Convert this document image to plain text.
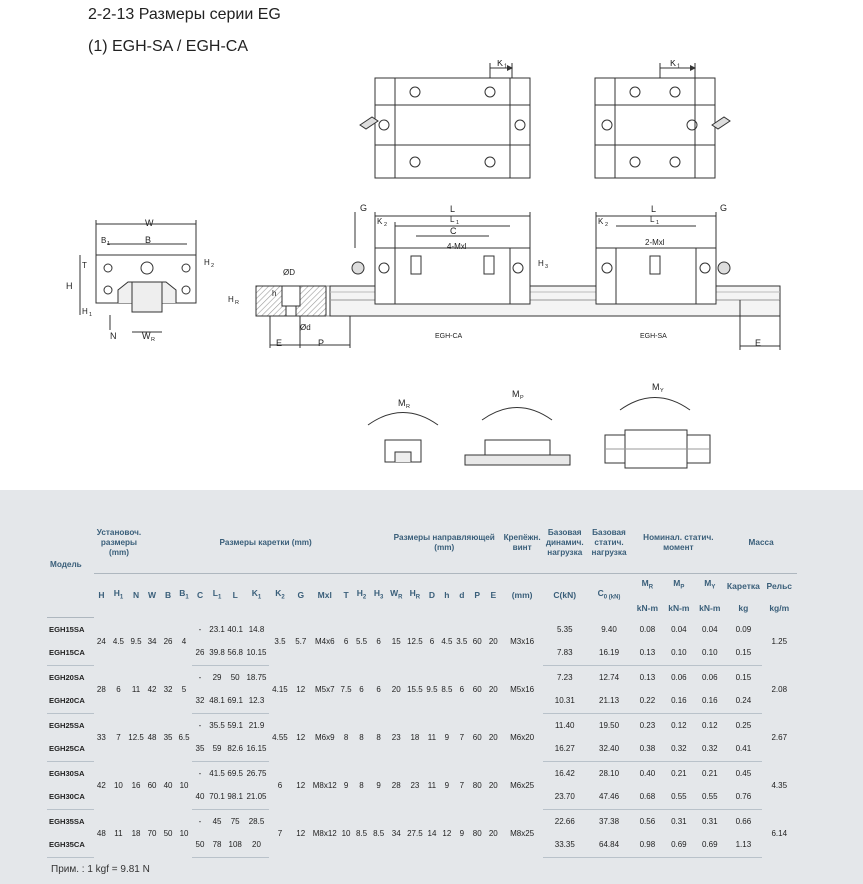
2-2-13 Размеры серии EG
(1) EGH-SA / EGH-CA
K 1	K 1
W
B 1	B
T
H
H 2
H 1
N	W R
ØD
h
H R
Ød
E	P
G
K 2
L
L 1
C
4-Mxl
H 3
EGH-CA	EGH-SA
K 2
L
L 1
2-Mxl
G
E
M R
M P
M Y
Модель	Установоч. размеры (mm)			Размеры каретки (mm)													Размеры направляющей (mm)							Крепёжн. винт	Базовая динамич. нагрузка	Базовая статич. нагрузка	Номинал. статич. момент			Масса	
	H	$H_1$	N	W	B	$B_1$	C	$L_1$	L	$K_1$	$K_2$	G	Mxl	T	$H_2$	$H_3$	$W_R$	$H_R$	D	h	d	P	E	(mm)	C(kN)	$C_{0 (kN)}$	$M_R$	$M_P$	$M_Y$	Каретка	Рельс
																											kN-m	kN-m	kN-m	kg	kg/m
EGH15SA	24	4.5	9.5	34	26	4	-	23.1	40.1	14.8	3.5	5.7	M4x6	6	5.5	6	15	12.5	6	4.5	3.5	60	20	M3x16	5.35	9.40	0.08	0.04	0.04	0.09	1.25
EGH15CA							26	39.8	56.8	10.15															7.83	16.19	0.13	0.10	0.10	0.15	
EGH20SA	28	6	11	42	32	5	-	29	50	18.75	4.15	12	M5x7	7.5	6	6	20	15.5	9.5	8.5	6	60	20	M5x16	7.23	12.74	0.13	0.06	0.06	0.15	2.08
EGH20CA							32	48.1	69.1	12.3															10.31	21.13	0.22	0.16	0.16	0.24	
EGH25SA	33	7	12.5	48	35	6.5	-	35.5	59.1	21.9	4.55	12	M6x9	8	8	8	23	18	11	9	7	60	20	M6x20	11.40	19.50	0.23	0.12	0.12	0.25	2.67
EGH25CA							35	59	82.6	16.15															16.27	32.40	0.38	0.32	0.32	0.41	
EGH30SA	42	10	16	60	40	10	-	41.5	69.5	26.75	6	12	M8x12	9	8	9	28	23	11	9	7	80	20	M6x25	16.42	28.10	0.40	0.21	0.21	0.45	4.35
EGH30CA							40	70.1	98.1	21.05															23.70	47.46	0.68	0.55	0.55	0.76	
EGH35SA	48	11	18	70	50	10	-	45	75	28.5	7	12	M8x12	10	8.5	8.5	34	27.5	14	12	9	80	20	M8x25	22.66	37.38	0.56	0.31	0.31	0.66	6.14
EGH35CA							50	78	108	20															33.35	64.84	0.98	0.69	0.69	1.13	
Прим. : 1 kgf = 9.81 N
